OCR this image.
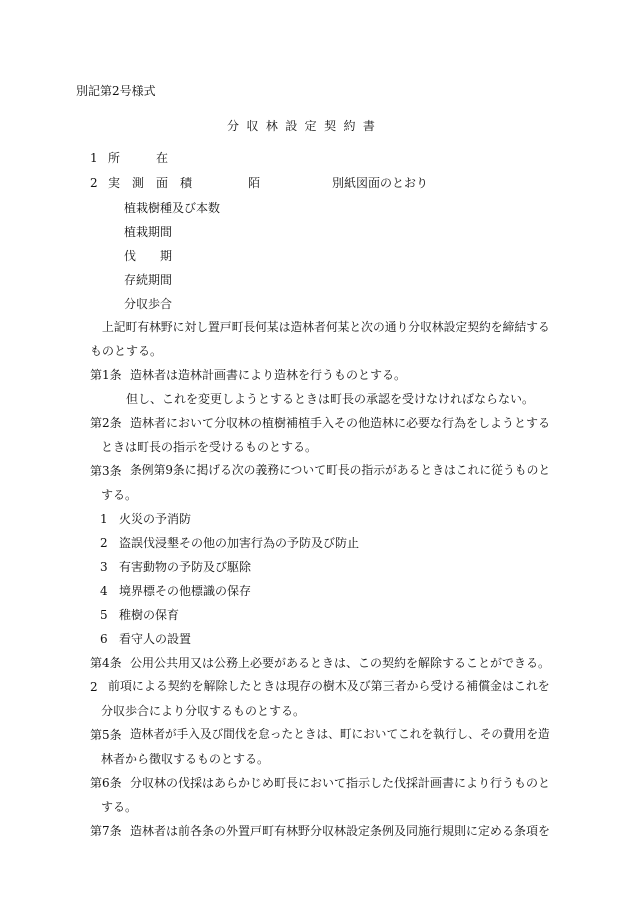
別記第2号様式
分 収 林 設 定 契 約 書
1 所　　　在
2 実　測　面　積	陌	別紙図面のとおり
植栽樹種及び本数
植栽期間
伐　　期
存続期間
分収歩合
上記町有林野に対し置戸町長何某は造林者何某と次の通り分収林設定契約を締結する
ものとする。
第1条 造林者は造林計画書により造林を行うものとする。
但し、これを変更しようとするときは町長の承認を受けなければならない。
第2条 造林者において分収林の植樹補植手入その他造林に必要な行為をしようとする
ときは町長の指示を受けるものとする。
第3条 条例第9条に掲げる次の義務について町長の指示があるときはこれに従うものと
する。
1 火災の予消防
2 盗誤伐浸墾その他の加害行為の予防及び防止
3 有害動物の予防及び駆除
4 境界標その他標識の保存
5 稚樹の保育
6 看守人の設置
第4条 公用公共用又は公務上必要があるときは、この契約を解除することができる。
2 前項による契約を解除したときは現存の樹木及び第三者から受ける補償金はこれを
分収歩合により分収するものとする。
第5条 造林者が手入及び間伐を怠ったときは、町においてこれを執行し、その費用を造
林者から徴収するものとする。
第6条 分収林の伐採はあらかじめ町長において指示した伐採計画書により行うものと
する。
第7条 造林者は前各条の外置戸町有林野分収林設定条例及同施行規則に定める条項を
